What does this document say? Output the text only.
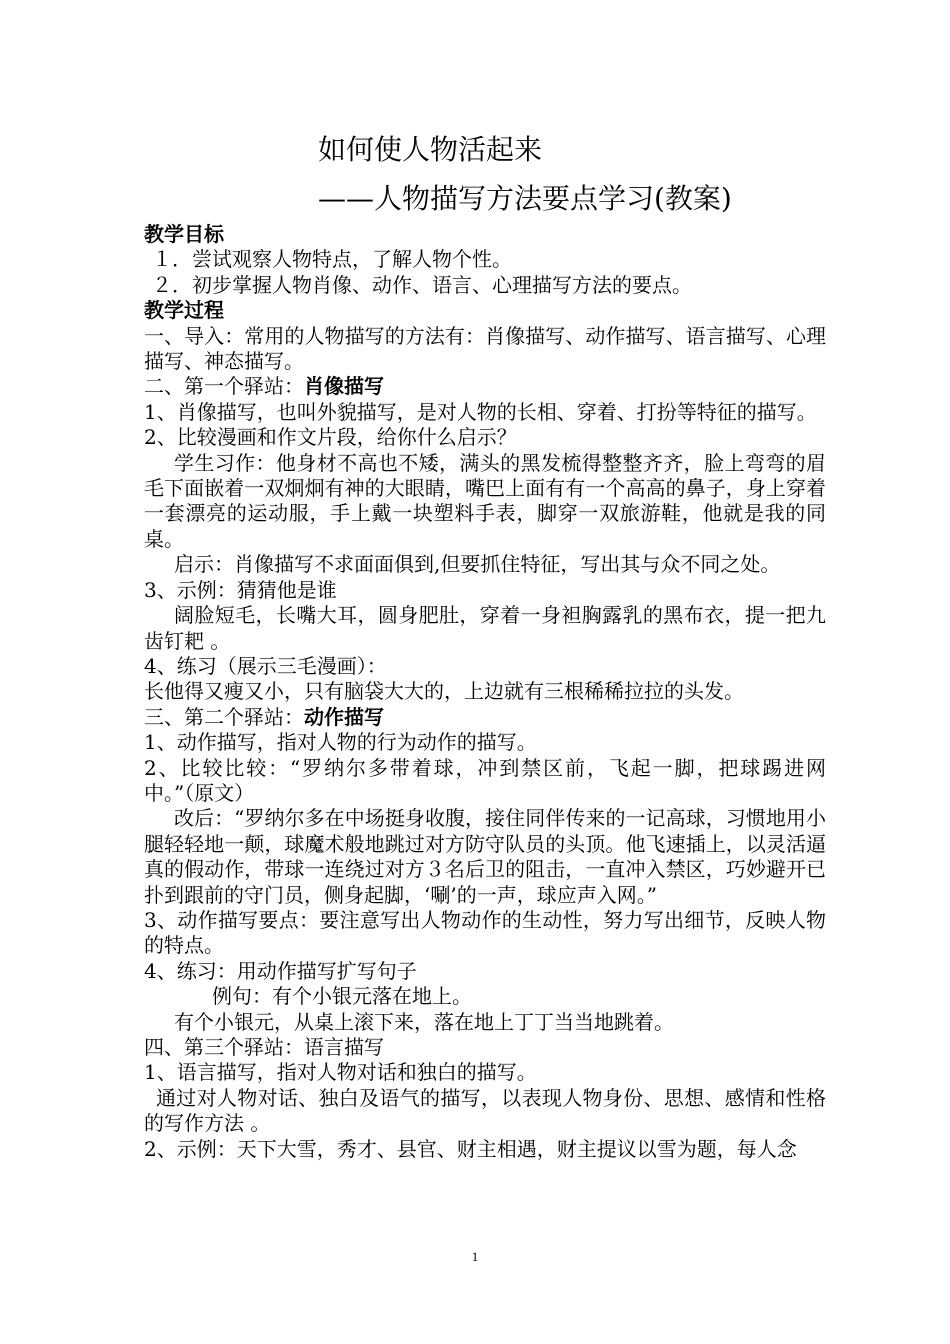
如何使人物活起来
——人物描写方法要点学习(教案)

教学目标

１．尝试观察人物特点，了解人物个性。

２．初步掌握人物肖像、动作、语言、心理描写方法的要点。

教学过程

一、导入：常用的人物描写的方法有：肖像描写、动作描写、语言描写、心理描写、神态描写。

二、第一个驿站：肖像描写

1、肖像描写，也叫外貌描写，是对人物的长相、穿着、打扮等特征的描写。

2、比较漫画和作文片段，给你什么启示？

学生习作：他身材不高也不矮，满头的黑发梳得整整齐齐，脸上弯弯的眉毛下面嵌着一双炯炯有神的大眼睛，嘴巴上面有有一个高高的鼻子，身上穿着一套漂亮的运动服，手上戴一块塑料手表，脚穿一双旅游鞋，他就是我的同桌。

启示：肖像描写不求面面俱到,但要抓住特征，写出其与众不同之处。

3、示例：猜猜他是谁

阔脸短毛，长嘴大耳，圆身肥肚，穿着一身袒胸露乳的黑布衣，提一把九齿钉耙 。

4、练习（展示三毛漫画）：

长他得又瘦又小，只有脑袋大大的，上边就有三根稀稀拉拉的头发。

三、第二个驿站：动作描写

1、动作描写，指对人物的行为动作的描写。

2、比较比较：“罗纳尔多带着球，冲到禁区前，飞起一脚，把球踢进网中。”（原文）

改后：“罗纳尔多在中场挺身收腹，接住同伴传来的一记高球，习惯地用小腿轻轻地一颠，球魔术般地跳过对方防守队员的头顶。他飞速插上，以灵活逼真的假动作，带球一连绕过对方３名后卫的阻击，一直冲入禁区，巧妙避开已扑到跟前的守门员，侧身起脚，‘唰’的一声，球应声入网。”

3、动作描写要点：要注意写出人物动作的生动性，努力写出细节，反映人物的特点。

4、练习：用动作描写扩写句子

例句：有个小银元落在地上。

有个小银元，从桌上滚下来，落在地上丁丁当当地跳着。

四、第三个驿站：语言描写

1、语言描写，指对人物对话和独白的描写。

通过对人物对话、独白及语气的描写，以表现人物身份、思想、感情和性格的写作方法 。

2、示例：天下大雪，秀才、县官、财主相遇，财主提议以雪为题，每人念

1
